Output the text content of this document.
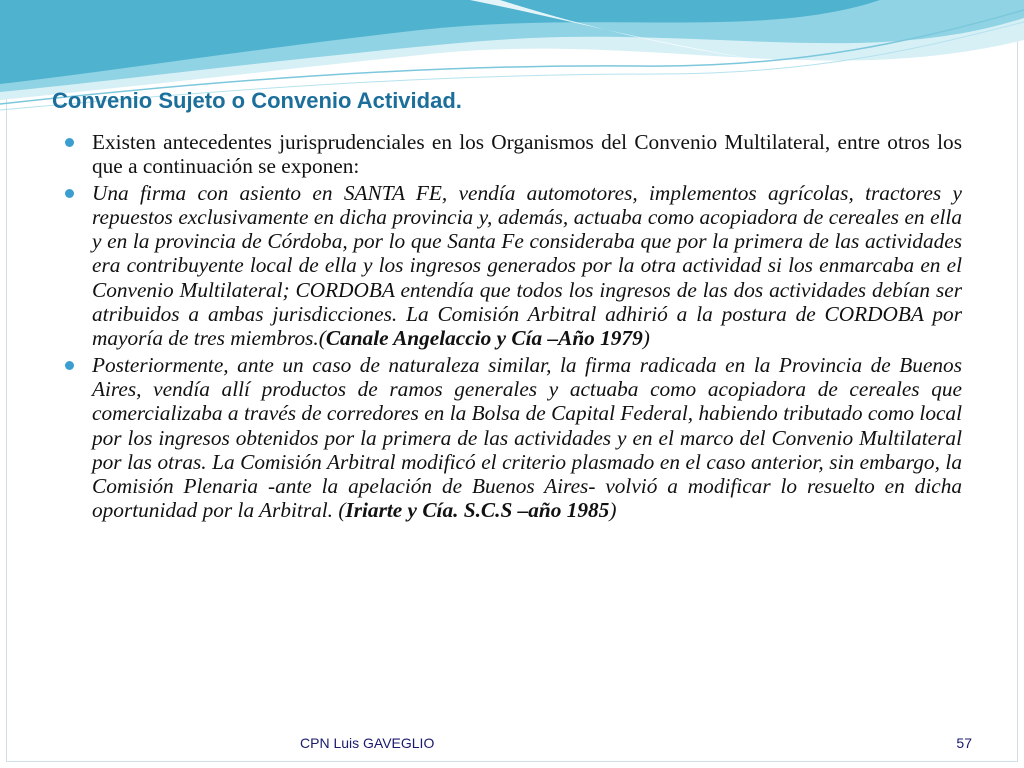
Convenio Sujeto o Convenio Actividad.

Existen antecedentes jurisprudenciales en los Organismos del Convenio Multilateral, entre otros los que a continuación se exponen:

Una firma con asiento en SANTA FE, vendía automotores, implementos agrícolas, tractores y repuestos exclusivamente en dicha provincia y, además, actuaba como acopiadora de cereales en ella y en la provincia de Córdoba, por lo que Santa Fe consideraba que por la primera de las actividades era contribuyente local de ella y los ingresos generados por la otra actividad si los enmarcaba en el Convenio Multilateral; CORDOBA entendía que todos los ingresos de las dos actividades debían ser atribuidos a ambas jurisdicciones. La Comisión Arbitral adhirió a la postura de CORDOBA por mayoría de tres miembros.(Canale Angelaccio y Cía –Año 1979)

Posteriormente, ante un caso de naturaleza similar, la firma radicada en la Provincia de Buenos Aires, vendía allí productos de ramos generales y actuaba como acopiadora de cereales que comercializaba a través de corredores en la Bolsa de Capital Federal, habiendo tributado como local por los ingresos obtenidos por la primera de las actividades y en el marco del Convenio Multilateral por las otras. La Comisión Arbitral modificó el criterio plasmado en el caso anterior, sin embargo, la Comisión Plenaria -ante la apelación de Buenos Aires- volvió a modificar lo resuelto en dicha oportunidad por la Arbitral. (Iriarte y Cía. S.C.S –año 1985)

CPN Luis GAVEGLIO	57
